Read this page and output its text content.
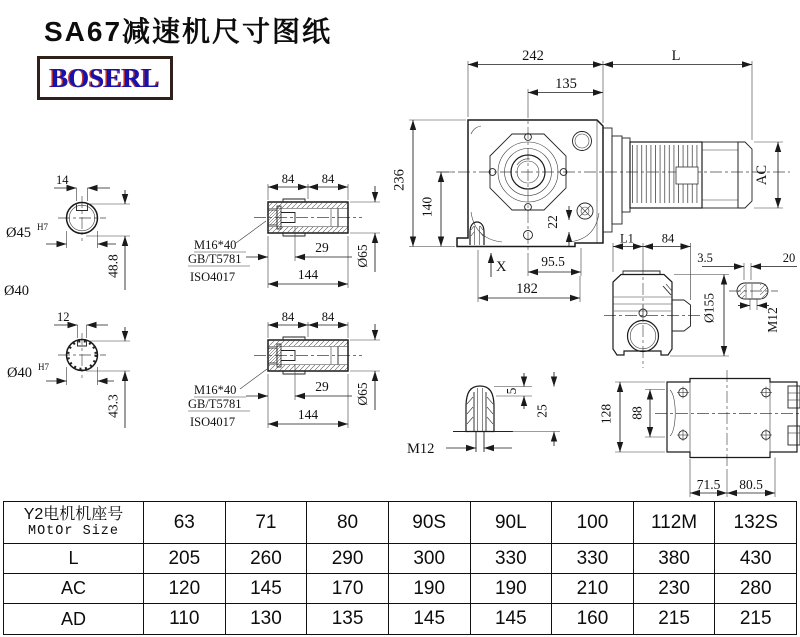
SA67减速机尺寸图纸
BOSERL
14
Ø45 H7
48.8
Ø40
12
Ø40 H7
43.3
84 84
29
144
Ø65
M16*40
GB/T5781
ISO4017
84 84
29
144
Ø65
M16*40
GB/T5781
ISO4017
242	L
135
236
140
AC
22
95.5
182
X
L1 84
Ø155
3.5	20
M12
M12
5
25	128 88
71.5 80.5
Y2电机机座号
MOtOr Size	63	71	80	90S	90L	100	112M	132S
L	205	260	290	300	330	330	380	430
AC	120	145	170	190	190	210	230	280
AD	110	130	135	145	145	160	215	215
